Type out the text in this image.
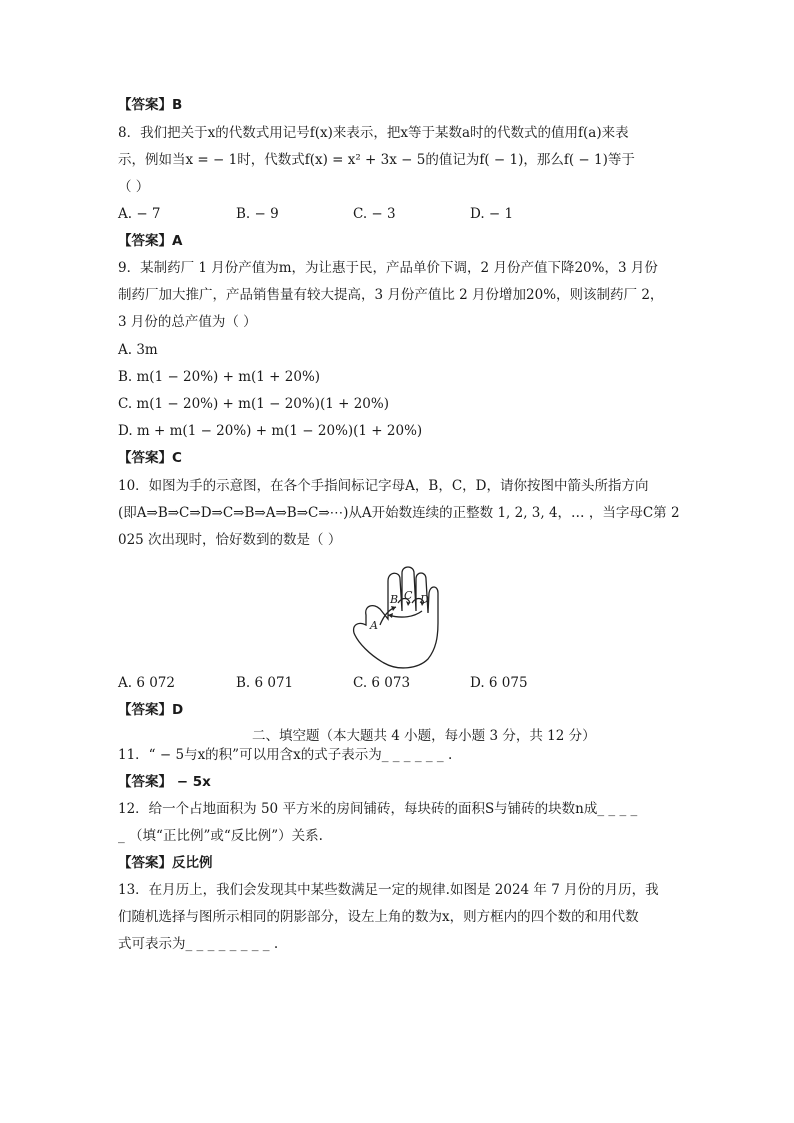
【答案】B
8．我们把关于x的代数式用记号f(x)来表示，把x等于某数a时的代数式的值用f(a)来表
示，例如当x = − 1时，代数式f(x) = x² + 3x − 5的值记为f( − 1)，那么f( − 1)等于
（ ）
A. − 7	B. − 9	C. − 3	D. − 1
【答案】A
9．某制药厂 1 月份产值为m，为让惠于民，产品单价下调，2 月份产值下降20%，3 月份
制药厂加大推广，产品销售量有较大提高，3 月份产值比 2 月份增加20%，则该制药厂 2，
3 月份的总产值为（ ）
A. 3m
B. m(1 − 20%) + m(1 + 20%)
C. m(1 − 20%) + m(1 − 20%)(1 + 20%)
D. m + m(1 − 20%) + m(1 − 20%)(1 + 20%)
【答案】C
10．如图为手的示意图，在各个手指间标记字母A，B，C，D，请你按图中箭头所指方向
(即A⇒B⇒C⇒D⇒C⇒B⇒A⇒B⇒C⇒⋯)从A开始数连续的正整数 1, 2, 3, 4，… ，当字母C第 2
025 次出现时，恰好数到的数是（ ）
A
B C D
A. 6 072	B. 6 071	C. 6 073	D. 6 075
【答案】D
二、填空题（本大题共 4 小题，每小题 3 分，共 12 分）
11．“ − 5与x的积”可以用含x的式子表示为_ _ _ _ _ _ .
【答案】 − 5x
12．给一个占地面积为 50 平方米的房间铺砖，每块砖的面积S与铺砖的块数n成_ _ _ _
_ （填“正比例”或“反比例”）关系.
【答案】反比例
13．在月历上，我们会发现其中某些数满足一定的规律.如图是 2024 年 7 月份的月历，我
们随机选择与图所示相同的阴影部分，设左上角的数为x，则方框内的四个数的和用代数
式可表示为_ _ _ _ _ _ _ _ .
